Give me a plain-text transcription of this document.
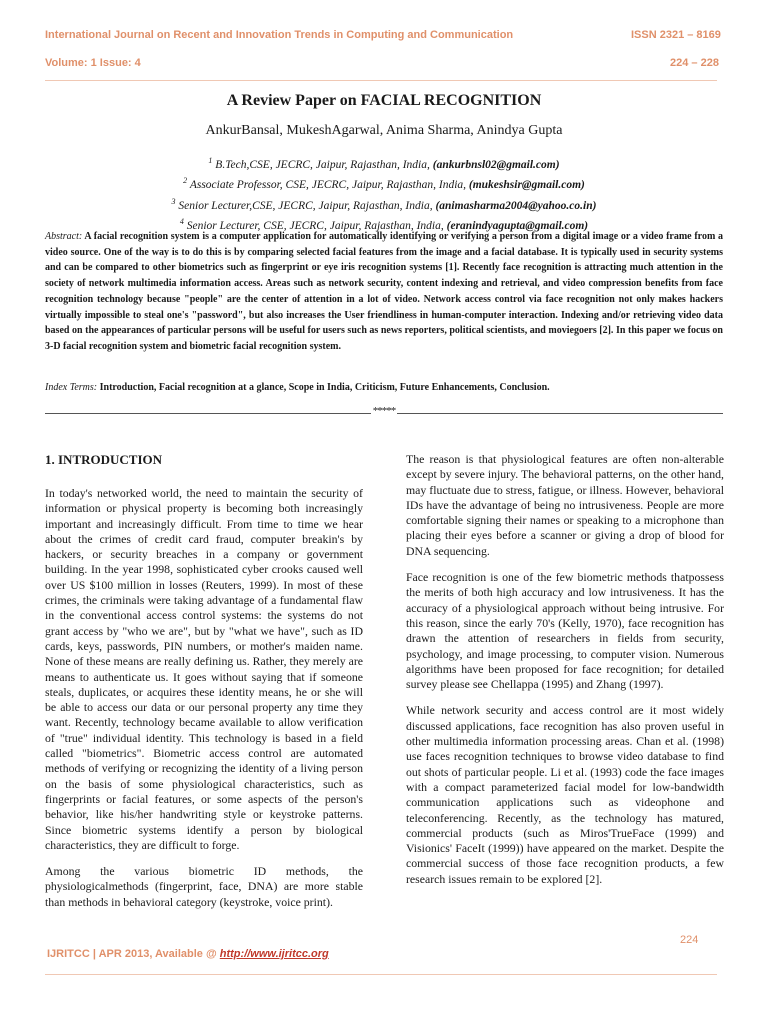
International Journal on Recent and Innovation Trends in Computing and Communication	ISSN 2321 – 8169
Volume: 1 Issue: 4	224 – 228
A Review Paper on FACIAL RECOGNITION
AnkurBansal, MukeshAgarwal, Anima Sharma, Anindya Gupta
$^1$ B.Tech,CSE, JECRC, Jaipur, Rajasthan, India, (ankurbnsl02@gmail.com)
$^2$ Associate Professor, CSE, JECRC, Jaipur, Rajasthan, India, (mukeshsir@gmail.com)
$^3$ Senior Lecturer,CSE, JECRC, Jaipur, Rajasthan, India, (animasharma2004@yahoo.co.in)
$^4$ Senior Lecturer, CSE, JECRC, Jaipur, Rajasthan, India, (eranindyagupta@gmail.com)
Abstract: A facial recognition system is a computer application for automatically identifying or verifying a person from a digital image or a video frame from a video source. One of the way is to do this is by comparing selected facial features from the image and a facial database. It is typically used in security systems and can be compared to other biometrics such as fingerprint or eye iris recognition systems [1]. Recently face recognition is attracting much attention in the society of network multimedia information access. Areas such as network security, content indexing and retrieval, and video compression benefits from face recognition technology because "people" are the center of attention in a lot of video. Network access control via face recognition not only makes hackers virtually impossible to steal one's "password", but also increases the User friendliness in human-computer interaction. Indexing and/or retrieving video data based on the appearances of particular persons will be useful for users such as news reporters, political scientists, and moviegoers [2]. In this paper we focus on 3-D facial recognition system and biometric facial recognition system.
Index Terms: Introduction, Facial recognition at a glance, Scope in India, Criticism, Future Enhancements, Conclusion.
*****
1. INTRODUCTION

In today's networked world, the need to maintain the security of information or physical property is becoming both increasingly important and increasingly difficult. From time to time we hear about the crimes of credit card fraud, computer breakin's by hackers, or security breaches in a company or government building. In the year 1998, sophisticated cyber crooks caused well over US $100 million in losses (Reuters, 1999). In most of these crimes, the criminals were taking advantage of a fundamental flaw in the conventional access control systems: the systems do not grant access by "who we are", but by "what we have", such as ID cards, keys, passwords, PIN numbers, or mother's maiden name. None of these means are really defining us. Rather, they merely are means to authenticate us. It goes without saying that if someone steals, duplicates, or acquires these identity means, he or she will be able to access our data or our personal property any time they want. Recently, technology became available to allow verification of "true" individual identity. This technology is based in a field called "biometrics". Biometric access control are automated methods of verifying or recognizing the identity of a living person on the basis of some physiological characteristics, such as fingerprints or facial features, or some aspects of the person's behavior, like his/her handwriting style or keystroke patterns. Since biometric systems identify a person by biological characteristics, they are difficult to forge.

Among the various biometric ID methods, the physiologicalmethods (fingerprint, face, DNA) are more stable than methods in behavioral category (keystroke, voice print).

The reason is that physiological features are often non-alterable except by severe injury. The behavioral patterns, on the other hand, may fluctuate due to stress, fatigue, or illness. However, behavioral IDs have the advantage of being no intrusiveness. People are more comfortable signing their names or speaking to a microphone than placing their eyes before a scanner or giving a drop of blood for DNA sequencing.

Face recognition is one of the few biometric methods thatpossess the merits of both high accuracy and low intrusiveness. It has the accuracy of a physiological approach without being intrusive. For this reason, since the early 70's (Kelly, 1970), face recognition has drawn the attention of researchers in fields from security, psychology, and image processing, to computer vision. Numerous algorithms have been proposed for face recognition; for detailed survey please see Chellappa (1995) and Zhang (1997).

While network security and access control are it most widely discussed applications, face recognition has also proven useful in other multimedia information processing areas. Chan et al. (1998) use faces recognition techniques to browse video database to find out shots of particular people. Li et al. (1993) code the face images with a compact parameterized facial model for low-bandwidth communication applications such as videophone and teleconferencing. Recently, as the technology has matured, commercial products (such as Miros'TrueFace (1999) and Visionics' FaceIt (1999)) have appeared on the market. Despite the commercial success of those face recognition products, a few research issues remain to be explored [2].

224
IJRITCC | APR 2013, Available @ http://www.ijritcc.org
